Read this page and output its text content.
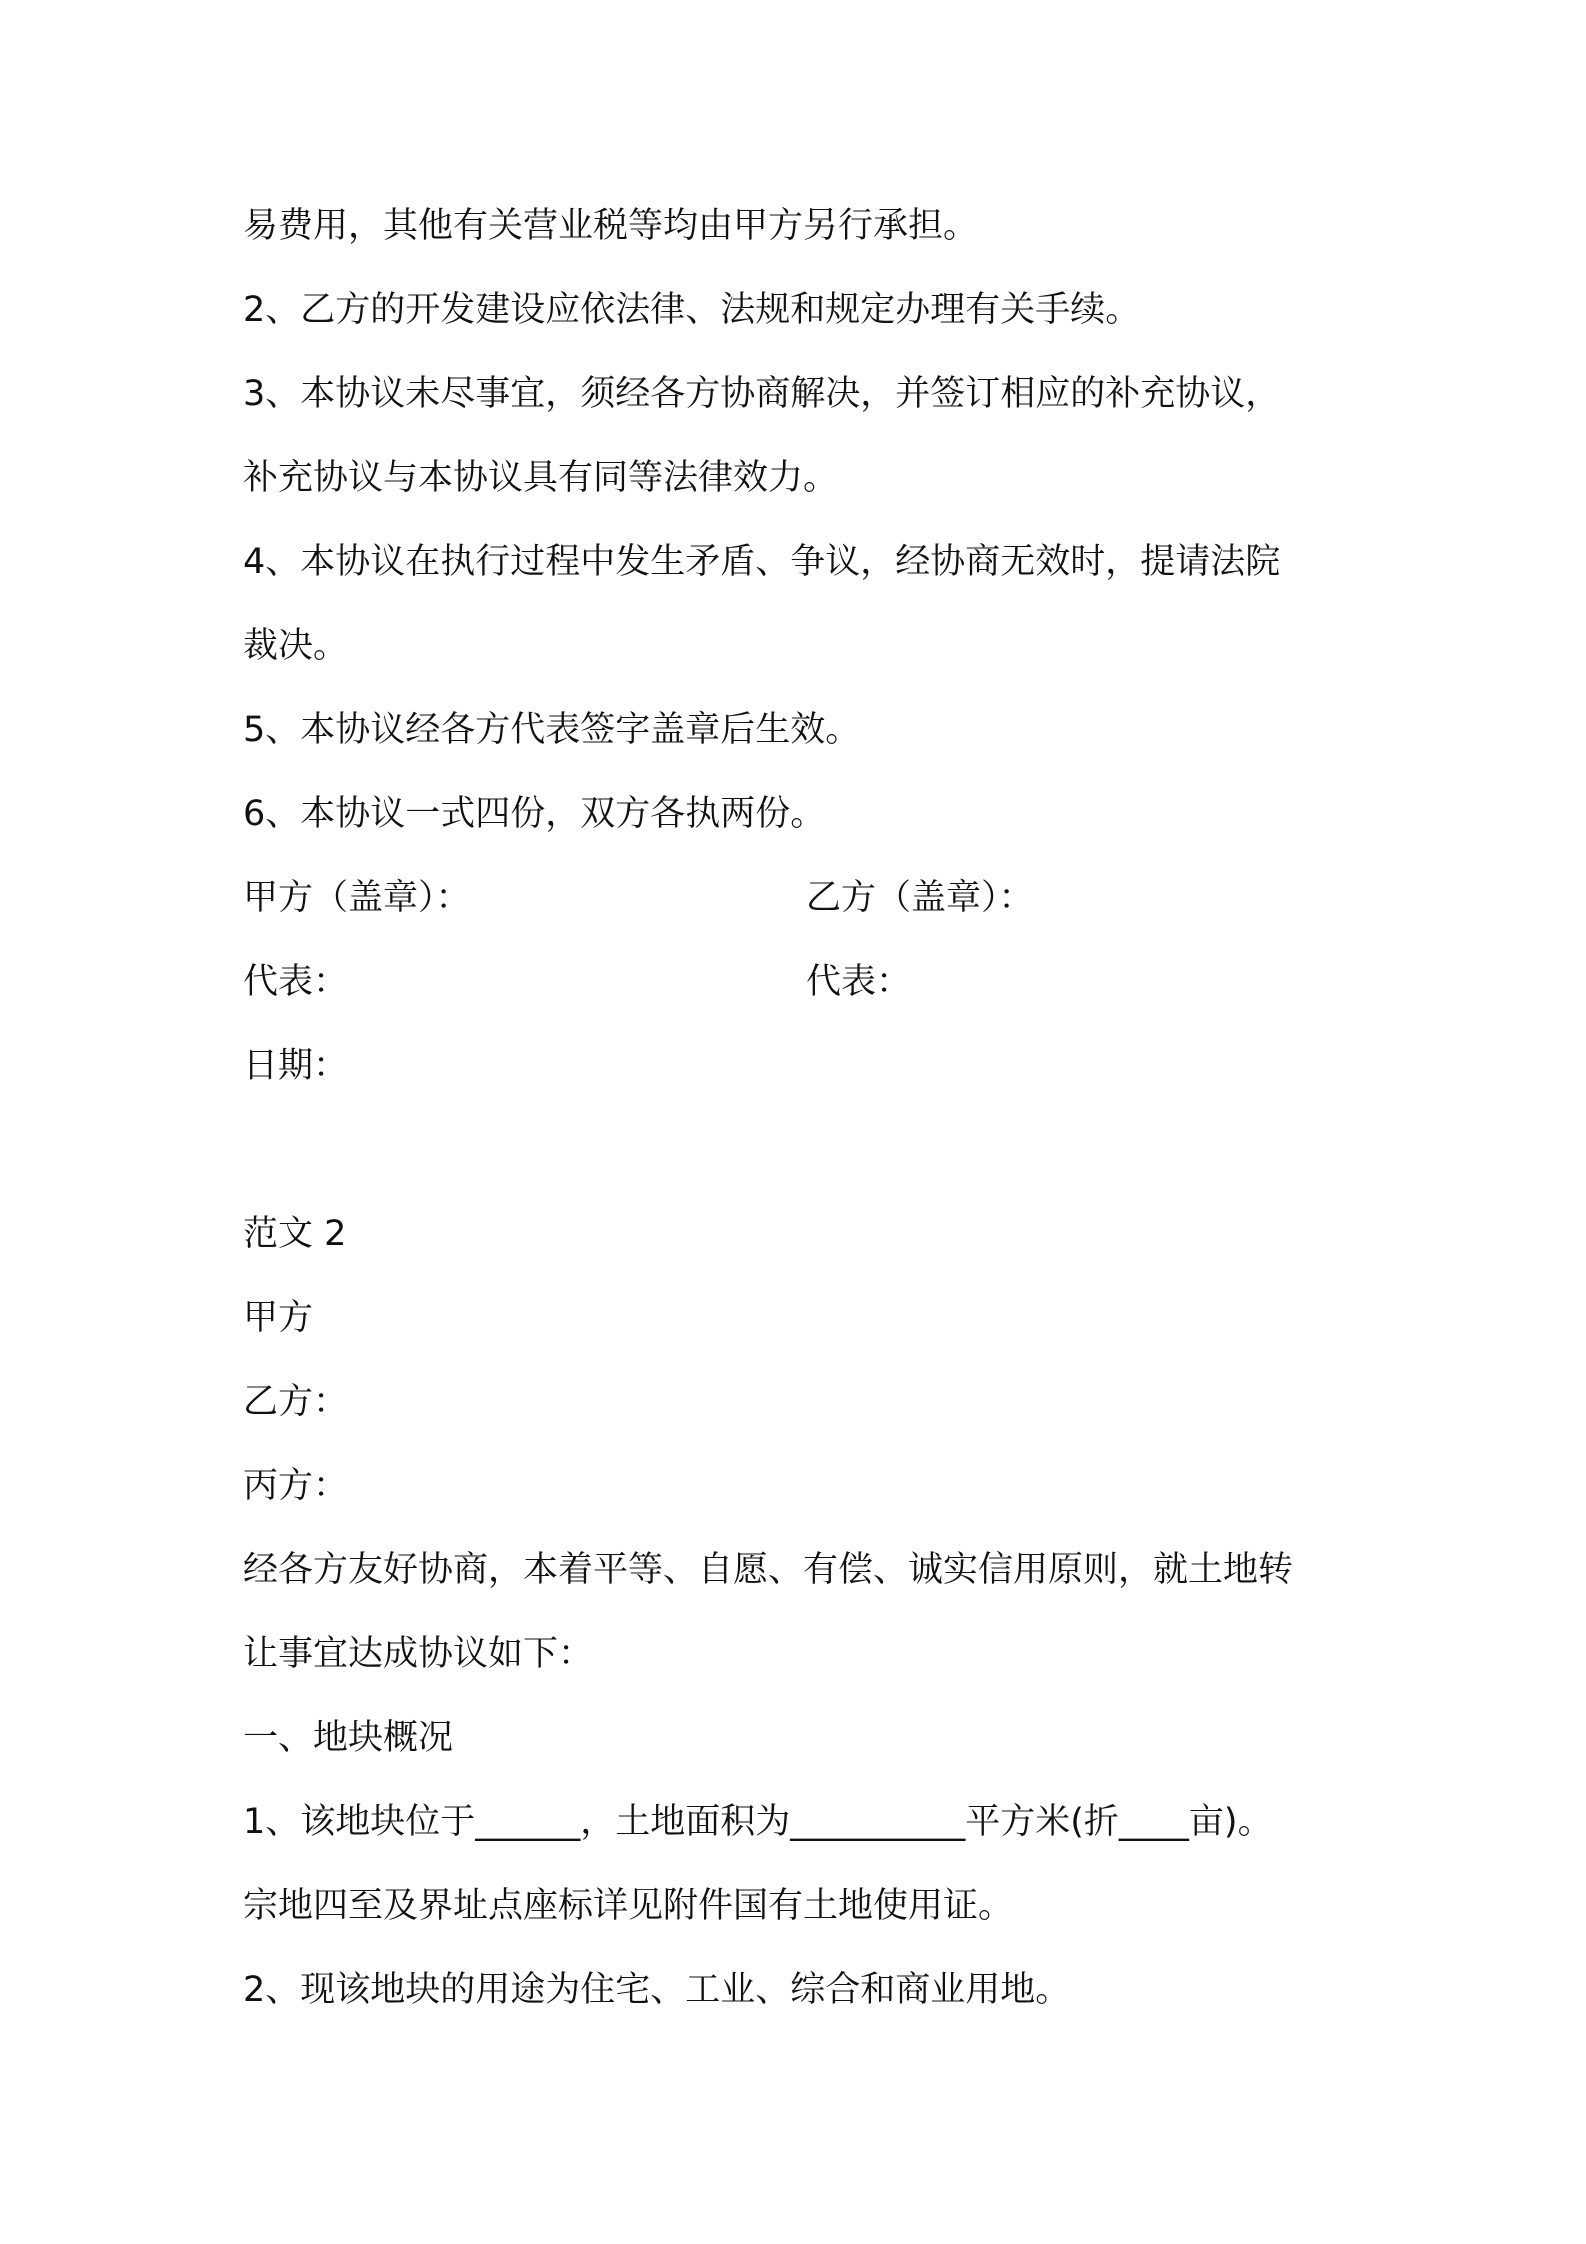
易费用，其他有关营业税等均由甲方另行承担。
2、乙方的开发建设应依法律、法规和规定办理有关手续。
3、本协议未尽事宜，须经各方协商解决，并签订相应的补充协议，
补充协议与本协议具有同等法律效力。
4、本协议在执行过程中发生矛盾、争议，经协商无效时，提请法院
裁决。
5、本协议经各方代表签字盖章后生效。
6、本协议一式四份，双方各执两份。
甲方（盖章）：	乙方（盖章）：
代表：	代表：
日期：
范文 2
甲方
乙方：
丙方：
经各方友好协商，本着平等、自愿、有偿、诚实信用原则，就土地转
让事宜达成协议如下：
一、地块概况
1、该地块位于______，土地面积为__________平方米(折____亩)。
宗地四至及界址点座标详见附件国有土地使用证。
2、现该地块的用途为住宅、工业、综合和商业用地。
